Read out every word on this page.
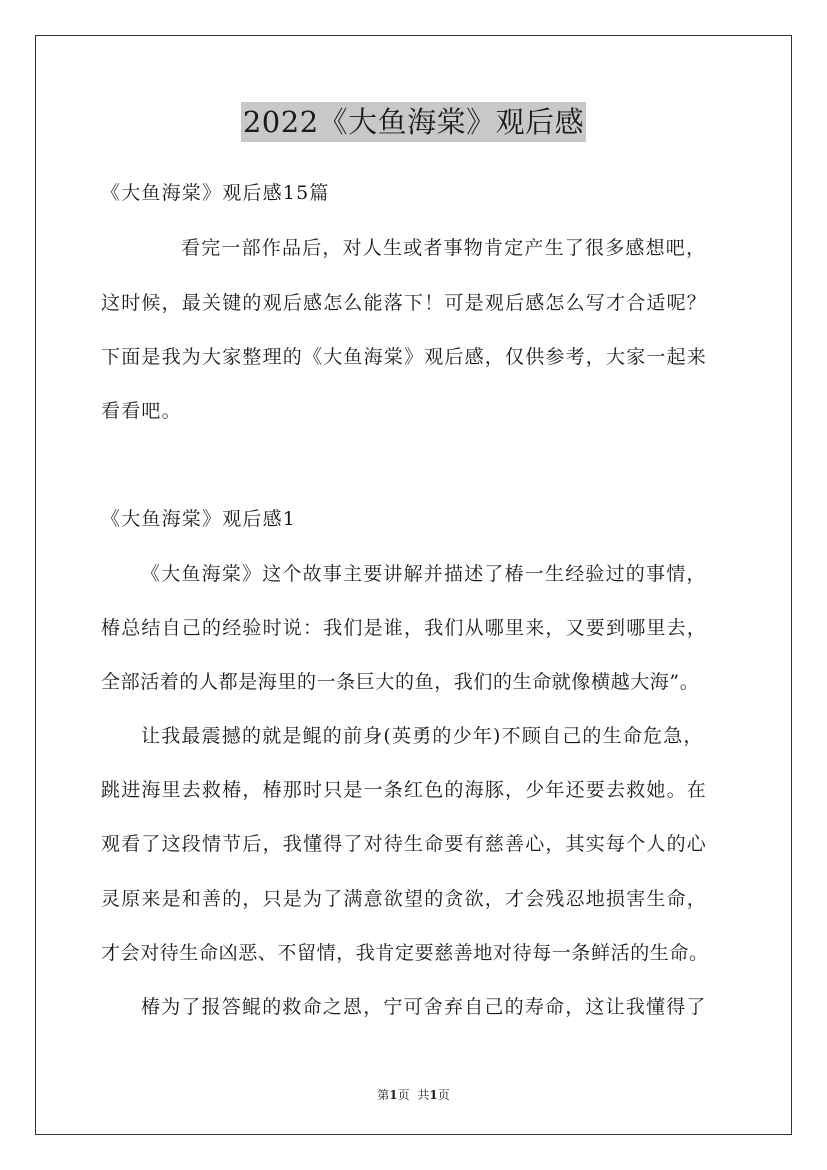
2022《大鱼海棠》观后感

《大鱼海棠》观后感15篇

看完一部作品后，对人生或者事物肯定产生了很多感想吧，

这时候，最关键的观后感怎么能落下！可是观后感怎么写才合适呢？

下面是我为大家整理的《大鱼海棠》观后感，仅供参考，大家一起来

看看吧。

《大鱼海棠》观后感1

《大鱼海棠》这个故事主要讲解并描述了椿一生经验过的事情，

椿总结自己的经验时说：我们是谁，我们从哪里来，又要到哪里去，

全部活着的人都是海里的一条巨大的鱼，我们的生命就像横越大海”。

让我最震撼的就是鲲的前身(英勇的少年)不顾自己的生命危急，

跳进海里去救椿，椿那时只是一条红色的海豚，少年还要去救她。在

观看了这段情节后，我懂得了对待生命要有慈善心，其实每个人的心

灵原来是和善的，只是为了满意欲望的贪欲，才会残忍地损害生命，

才会对待生命凶恶、不留情，我肯定要慈善地对待每一条鲜活的生命。

椿为了报答鲲的救命之恩，宁可舍弃自己的寿命，这让我懂得了

第1页 共1页
